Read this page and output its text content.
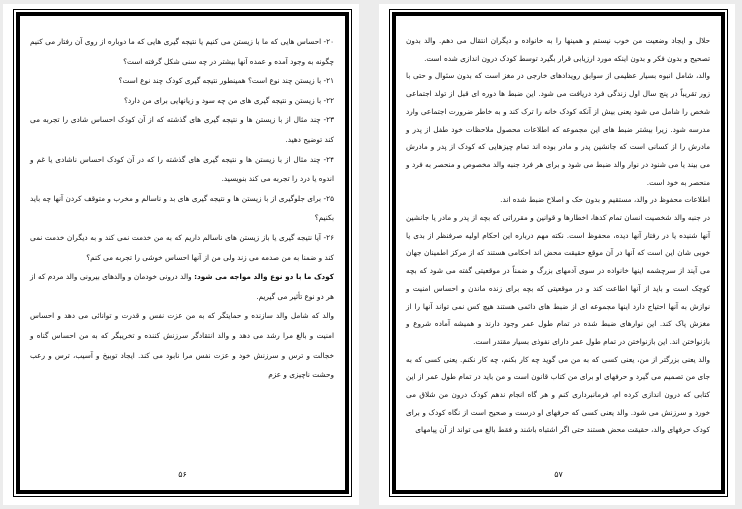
۲۰- احساس هایی که ما با زیستن می کنیم یا نتیجه گیری هایی که ما دوباره از روی آن رفتار می کنیم چگونه به وجود آمده و عمده آنها بیشتر در چه سنی شکل گرفته است؟

۲۱- با زیستن چند نوع است؟ همینطور نتیجه گیری کودک چند نوع است؟

۲۲- با زیستن و نتیجه گیری های من چه سود و زیانهایی برای من دارد؟

۲۳- چند مثال از با زیستن ها و نتیجه گیری های گذشته که از آن کودک احساس شادی را تجربه می کند توضیح دهید.

۲۴- چند مثال از با زیستن ها و نتیجه گیری های گذشته را که در آن کودک احساس ناشادی یا غم و اندوه یا درد را تجربه می کند بنویسید.

۲۵- برای جلوگیری از با زیستن ها و نتیجه گیری های بد و ناسالم و مخرب و متوقف کردن آنها چه باید بکنیم؟

۲۶- آیا نتیجه گیری یا باز زیستن های ناسالم داریم که به من خدمت نمی کند و به دیگران خدمت نمی کند و ضمنا به من صدمه می زند ولی من از آنها احساس خوشی را تجربه می کنم؟

کودک ما با دو نوع والد مواجه می شود: والد درونی خودمان و والدهای بیرونی والد مردم که از هر دو نوع تأثیر می گیریم.

والد که شامل والد سازنده و حمایتگر که به من عزت نفس و قدرت و توانائی می دهد و احساس امنیت و بالغ مرا رشد می دهد و والد انتقادگر سرزنش کننده و تخریبگر که به من احساس گناه و خجالت و ترس و سرزنش خود و عزت نفس مرا نابود می کند. ایجاد توبیخ و آسیب، ترس و رعب وحشت ناچیزی و عزم

۵۶

حلال و ایجاد وضعیت من خوب نیستم و همینها را به خانواده و دیگران انتقال می دهم. والد بدون تصحیح و بدون فکر و بدون اینکه مورد ارزیابی قرار بگیرد توسط کودک درون اندازی شده است.

والد، شامل انبوه بسیار عظیمی از سوابق رویدادهای خارجی در مغز است که بدون سئوال و حتی با زور تقریباً در پنج سال اول زندگی فرد دریافت می شود. این ضبط ها دوره ای قبل از تولد اجتماعی شخص را شامل می شود یعنی بیش از آنکه کودک خانه را ترک کند و به خاطر ضرورت اجتماعی وارد مدرسه شود. زیرا بیشتر ضبط های این مجموعه که اطلاعات محصول ملاحظات خود طفل از پدر و مادرش را از کسانی است که جانشین پدر و مادر بوده اند تمام چیزهایی که کودک از پدر و مادرش می بیند یا می شنود در نوار والد ضبط می شود و برای هر فرد جنبه والد مخصوص و منحصر به فرد و منحصر به خود است.

اطلاعات محفوظ در والد، مستقیم و بدون حک و اصلاح ضبط شده اند.

در جنبه والد شخصیت انسان تمام کدها، اخطارها و قوانین و مقرراتی که بچه از پدر و مادر یا جانشین آنها شنیده یا در رفتار آنها دیده، محفوظ است. نکته مهم درباره این احکام اولیه صرفنظر از بدی یا خوبی شان این است که آنها در آن موقع حقیقت محض اند احکامی هستند که از مرکز اطمینان جهان می آیند از سرچشمه اینها خانواده در سوی آدمهای بزرگ و ضمناً در موقعیتی گفته می شود که بچه کوچک است و باید از آنها اطاعت کند و در موقعیتی که بچه برای زنده ماندن و احساس امنیت و نوازش به آنها احتیاج دارد اینها مجموعه ای از ضبط های دائمی هستند هیچ کس نمی تواند آنها را از مغزش پاک کند. این نوارهای ضبط شده در تمام طول عمر وجود دارند و همیشه آماده شروع و بازنواختن اند. این بازنواختن در تمام طول عمر دارای نفوذی بسیار مقتدر است.

والد یعنی بزرگتر از من، یعنی کسی که به من می گوید چه کار بکنم، چه کار نکنم. یعنی کسی که به جای من تصمیم می گیرد و حرفهای او برای من کتاب قانون است و من باید در تمام طول عمر از این کتابی که درون اندازی کرده ام، فرمانبرداری کنم و هر گاه انجام ندهم کودک درون من شلاق می خورد و سرزنش می شود. والد یعنی کسی که حرفهای او درست و صحیح است از نگاه کودک و برای کودک حرفهای والد، حقیقت محض هستند حتی اگر اشتباه باشند و فقط بالغ می تواند از آن پیامهای

۵۷
